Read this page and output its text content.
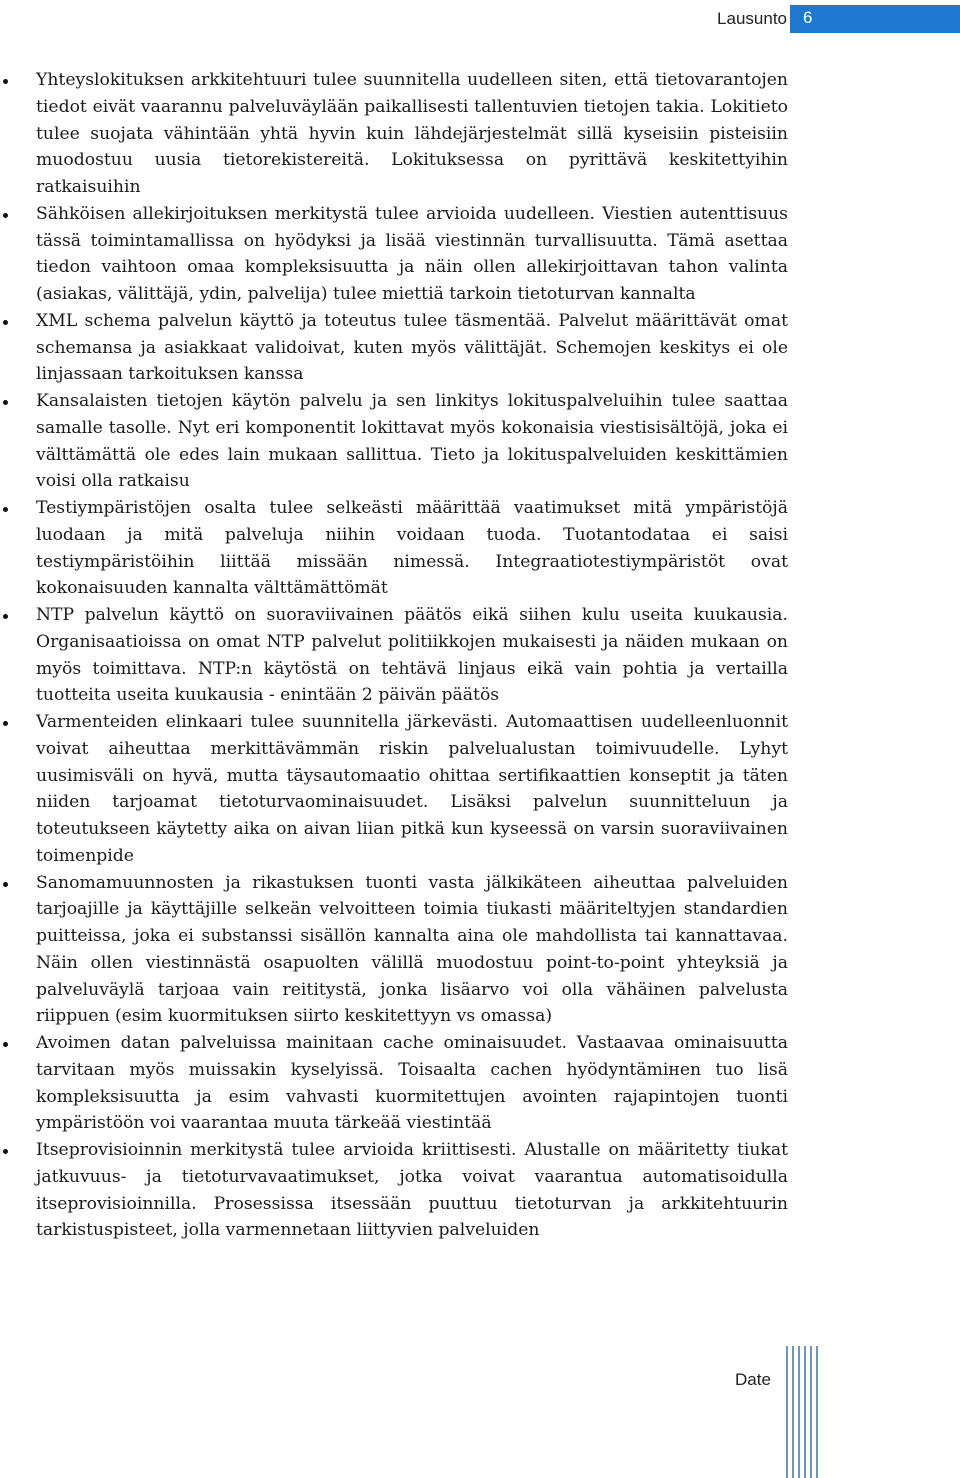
Lausunto 6
Yhteyslokituksen arkkitehtuuri tulee suunnitella uudelleen siten, että tietovarantojen tiedot eivät vaarannu palveluväylään paikallisesti tallentuvien tietojen takia. Lokitieto tulee suojata vähintään yhtä hyvin kuin lähdejärjestelmät sillä kyseisiin pisteisiin muodostuu uusia tietorekistereitä. Lokituksessa on pyrittävä keskitettyihin ratkaisuihin
Sähköisen allekirjoituksen merkitystä tulee arvioida uudelleen. Viestien autenttisuus tässä toimintamallissa on hyödyksi ja lisää viestinnän turvallisuutta. Tämä asettaa tiedon vaihtoon omaa kompleksisuutta ja näin ollen allekirjoittavan tahon valinta (asiakas, välittäjä, ydin, palvelija) tulee miettiä tarkoin tietoturvan kannalta
XML schema palvelun käyttö ja toteutus tulee täsmentää. Palvelut määrittävät omat schemansa ja asiakkaat validoivat, kuten myös välittäjät. Schemojen keskitys ei ole linjassaan tarkoituksen kanssa
Kansalaisten tietojen käytön palvelu ja sen linkitys lokituspalveluihin tulee saattaa samalle tasolle. Nyt eri komponentit lokittavat myös kokonaisia viestisisältöjä, joka ei välttämättä ole edes lain mukaan sallittua. Tieto ja lokituspalveluiden keskittämien voisi olla ratkaisu
Testiympäristöjen osalta tulee selkeästi määrittää vaatimukset mitä ympäristöjä luodaan ja mitä palveluja niihin voidaan tuoda. Tuotantodataa ei saisi testiympäristöihin liittää missään nimessä. Integraatiotestiympäristöt ovat kokonaisuuden kannalta välttämättömät
NTP palvelun käyttö on suoraviivainen päätös eikä siihen kulu useita kuukausia. Organisaatioissa on omat NTP palvelut politiikkojen mukaisesti ja näiden mukaan on myös toimittava. NTP:n käytöstä on tehtävä linjaus eikä vain pohtia ja vertailla tuotteita useita kuukausia - enintään 2 päivän päätös
Varmenteiden elinkaari tulee suunnitella järkevästi. Automaattisen uudelleenluonnit voivat aiheuttaa merkittävämmän riskin palvelualustan toimivuudelle. Lyhyt uusimisväli on hyvä, mutta täysautomaatio ohittaa sertifikaattien konseptit ja täten niiden tarjoamat tietoturvaominaisuudet. Lisäksi palvelun suunnitteluun ja toteutukseen käytetty aika on aivan liian pitkä kun kyseessä on varsin suoraviivainen toimenpide
Sanomamuunnosten ja rikastuksen tuonti vasta jälkikäteen aiheuttaa palveluiden tarjoajille ja käyttäjille selkeän velvoitteen toimia tiukasti määriteltyjen standardien puitteissa, joka ei substanssi sisällön kannalta aina ole mahdollista tai kannattavaa. Näin ollen viestinnästä osapuolten välillä muodostuu point-to-point yhteyksiä ja palveluväylä tarjoaa vain reititystä, jonka lisäarvo voi olla vähäinen palvelusta riippuen (esim kuormituksen siirto keskitettyyn vs omassa)
Avoimen datan palveluissa mainitaan cache ominaisuudet. Vastaavaa ominaisuutta tarvitaan myös muissakin kyselyissä. Toisaalta cachen hyödyntämінen tuo lisä kompleksisuutta ja esim vahvasti kuormitettujen avointen rajapintojen tuonti ympäristöön voi vaarantaa muuta tärkeää viestintää
Itseprovisioinnin merkitystä tulee arvioida kriittisesti. Alustalle on määritetty tiukat jatkuvuus- ja tietoturvavaatimukset, jotka voivat vaarantua automatisoidulla itseprovisioinnilla. Prosessissa itsessään puuttuu tietoturvan ja arkkitehtuurin tarkistuspisteet, jolla varmennetaan liittyvien palveluiden
Date
